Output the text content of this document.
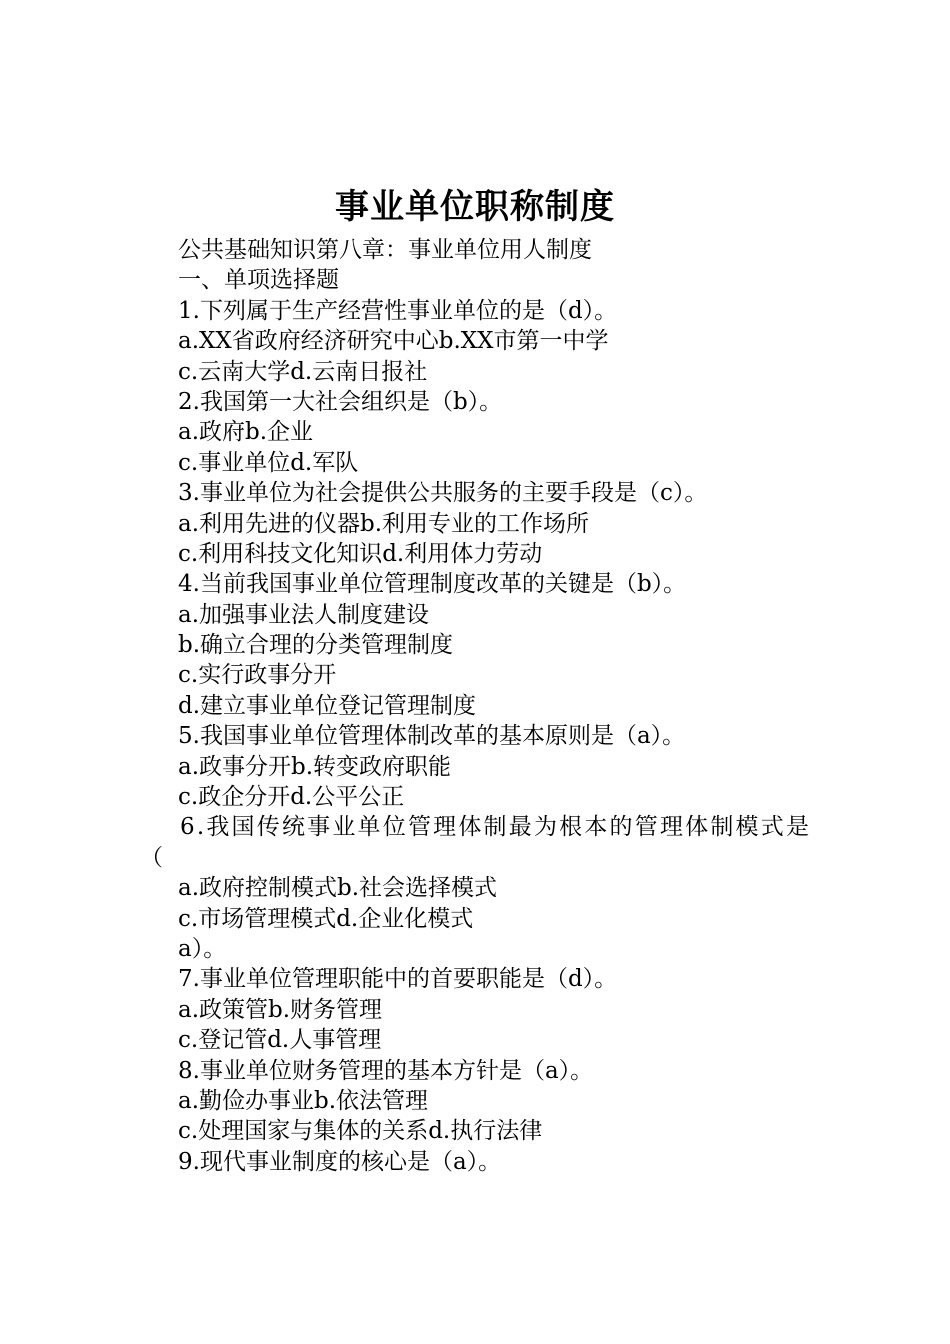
事业单位职称制度
公共基础知识第八章：事业单位用人制度
一、单项选择题
1.下列属于生产经营性事业单位的是（d）。
a.XX省政府经济研究中心b.XX市第一中学
c.云南大学d.云南日报社
2.我国第一大社会组织是（b）。
a.政府b.企业
c.事业单位d.军队
3.事业单位为社会提供公共服务的主要手段是（c）。
a.利用先进的仪器b.利用专业的工作场所
c.利用科技文化知识d.利用体力劳动
4.当前我国事业单位管理制度改革的关键是（b）。
a.加强事业法人制度建设
b.确立合理的分类管理制度
c.实行政事分开
d.建立事业单位登记管理制度
5.我国事业单位管理体制改革的基本原则是（a）。
a.政事分开b.转变政府职能
c.政企分开d.公平公正
6.我国传统事业单位管理体制最为根本的管理体制模式是
（
a.政府控制模式b.社会选择模式
c.市场管理模式d.企业化模式
a）。
7.事业单位管理职能中的首要职能是（d）。
a.政策管b.财务管理
c.登记管d.人事管理
8.事业单位财务管理的基本方针是（a）。
a.勤俭办事业b.依法管理
c.处理国家与集体的关系d.执行法律
9.现代事业制度的核心是（a）。
